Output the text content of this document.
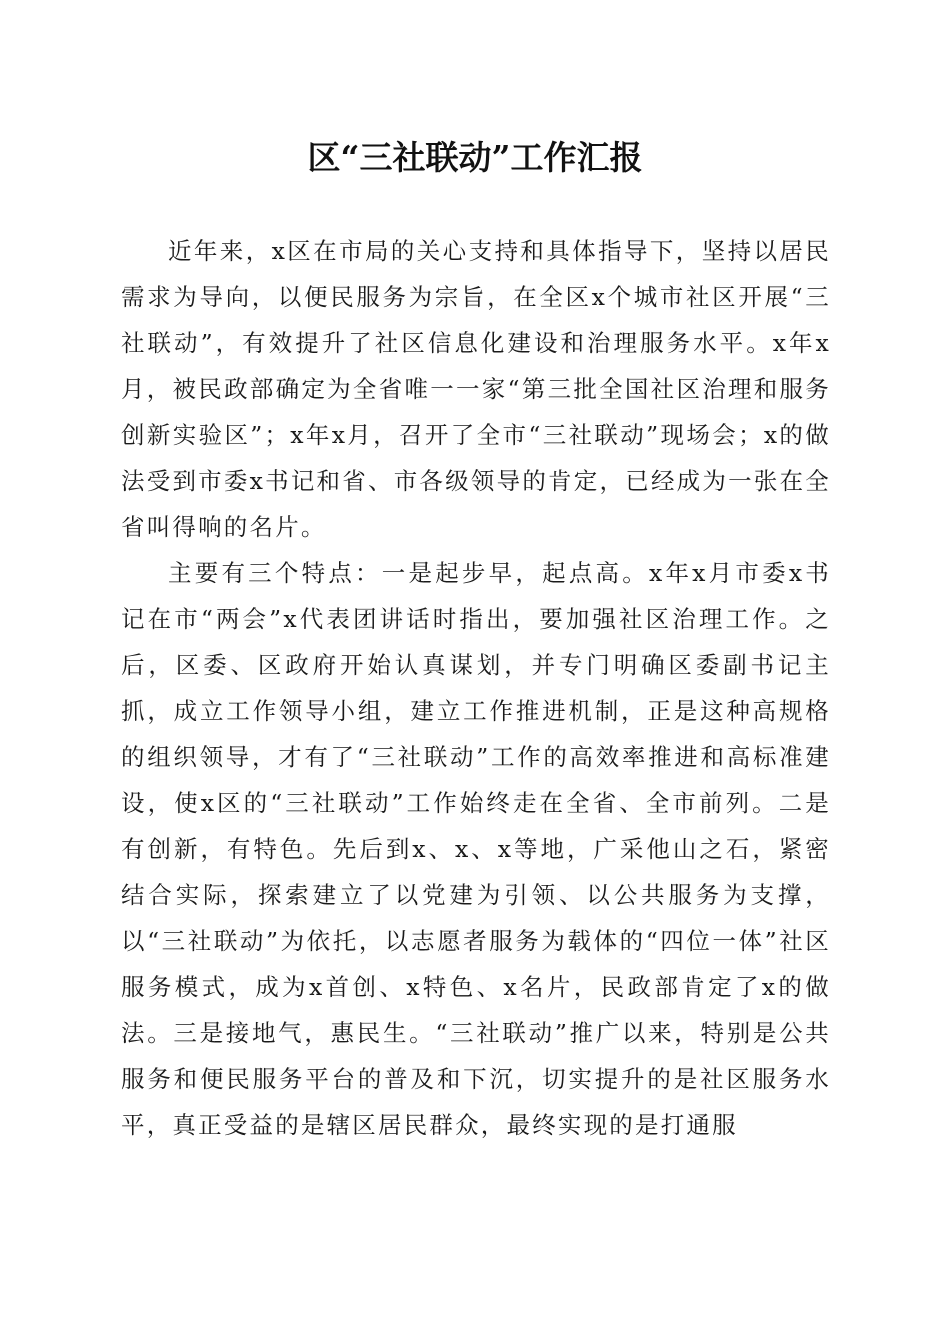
区“三社联动”工作汇报

近年来，x区在市局的关心支持和具体指导下，坚持以居民需求为导向，以便民服务为宗旨，在全区x个城市社区开展“三社联动”，有效提升了社区信息化建设和治理服务水平。x年x月，被民政部确定为全省唯一一家“第三批全国社区治理和服务创新实验区”；x年x月，召开了全市“三社联动”现场会；x的做法受到市委x书记和省、市各级领导的肯定，已经成为一张在全省叫得响的名片。

主要有三个特点：一是起步早，起点高。x年x月市委x书记在市“两会”x代表团讲话时指出，要加强社区治理工作。之后，区委、区政府开始认真谋划，并专门明确区委副书记主抓，成立工作领导小组，建立工作推进机制，正是这种高规格的组织领导，才有了“三社联动”工作的高效率推进和高标准建设，使x区的“三社联动”工作始终走在全省、全市前列。二是有创新，有特色。先后到x、x、x等地，广采他山之石，紧密结合实际，探索建立了以党建为引领、以公共服务为支撑，以“三社联动”为依托，以志愿者服务为载体的“四位一体”社区服务模式，成为x首创、x特色、x名片，民政部肯定了x的做法。三是接地气，惠民生。“三社联动”推广以来，特别是公共服务和便民服务平台的普及和下沉，切实提升的是社区服务水平，真正受益的是辖区居民群众，最终实现的是打通服
